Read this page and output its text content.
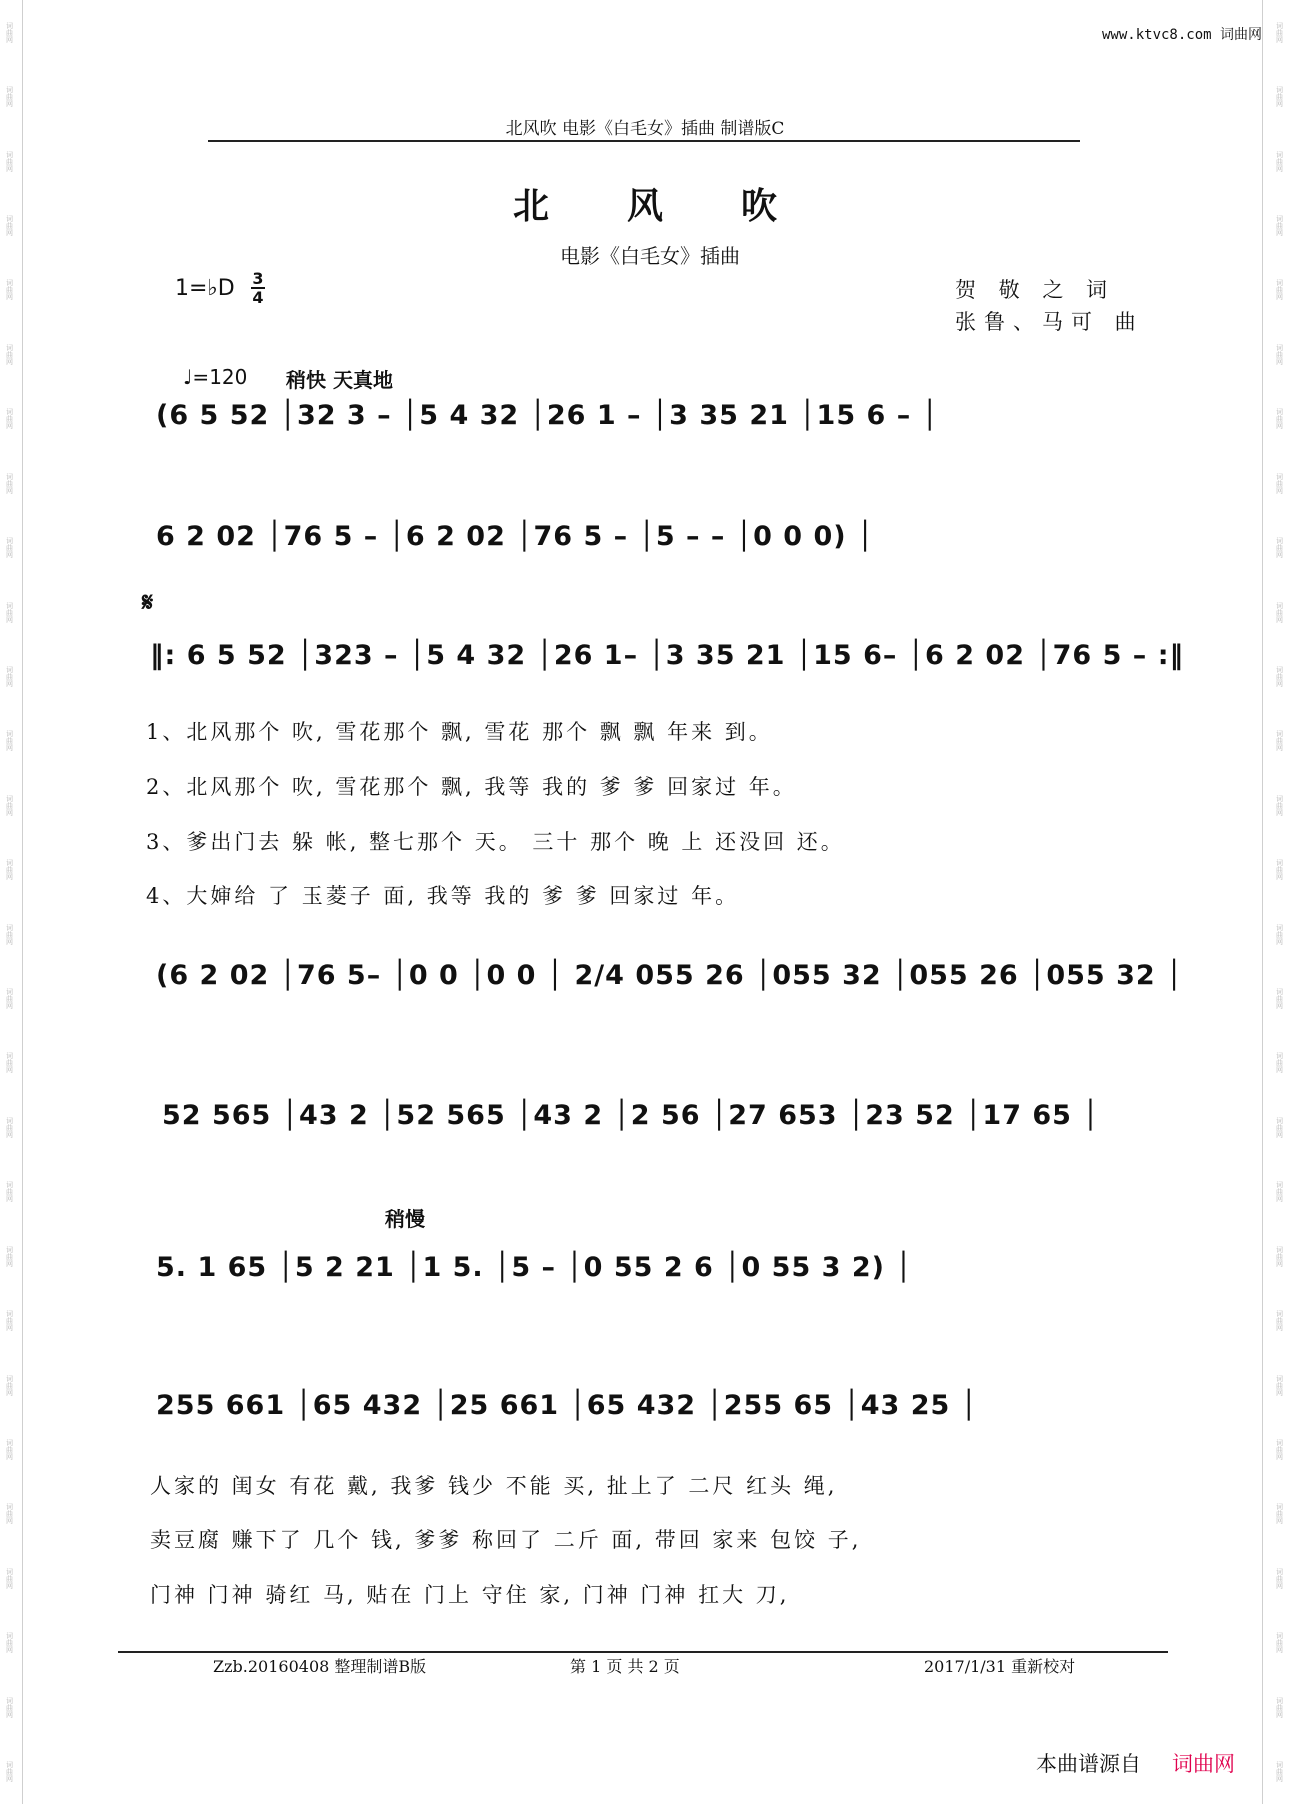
词曲网
词曲网
词曲网
词曲网
词曲网
词曲网
词曲网
词曲网
词曲网
词曲网
词曲网
词曲网
词曲网
词曲网
词曲网
词曲网
词曲网
词曲网
词曲网
词曲网
词曲网
词曲网
词曲网
词曲网
词曲网
词曲网
词曲网
词曲网
词曲网
词曲网
词曲网
词曲网
词曲网
词曲网
词曲网
词曲网
词曲网
词曲网
词曲网
词曲网
词曲网
词曲网
词曲网
词曲网
词曲网
词曲网
词曲网
词曲网
词曲网
词曲网
词曲网
词曲网
词曲网
词曲网
词曲网
词曲网
www.ktvc8.com 词曲网
北风吹 电影《白毛女》插曲 制谱版C
北风吹
电影《白毛女》插曲
1=♭D 3
4	贺 敬 之 词
张鲁、马可 曲
♩=120 稍快 天真地
(6 5 52 │32 3 – │5 4 32 │26 1 – │3 35 21 │15 6 – │
6 2 02 │76 5 – │6 2 02 │76 5 – │5 – – │0 0 0) │
𝄋
‖: 6 5 52 │323 – │5 4 32 │26 1– │3 35 21 │15 6– │6 2 02 │76 5 – :‖
1、北风那个 吹, 雪花那个 飘, 雪花 那个 飘 飘 年来 到。
2、北风那个 吹, 雪花那个 飘, 我等 我的 爹 爹 回家过 年。
3、爹出门去 躲 帐, 整七那个 天。 三十 那个 晚 上 还没回 还。
4、大婶给 了 玉菱子 面, 我等 我的 爹 爹 回家过 年。
(6 2 02 │76 5– │0 0 │0 0 │ 2/4 055 26 │055 32 │055 26 │055 32 │
52 565 │43 2 │52 565 │43 2 │2 56 │27 653 │23 52 │17 65 │
稍慢
5. 1 65 │5 2 21 │1 5. │5 – │0 55 2 6 │0 55 3 2) │
255 661 │65 432 │25 661 │65 432 │255 65 │43 25 │
人家的 闺女 有花 戴, 我爹 钱少 不能 买, 扯上了 二尺 红头 绳,
卖豆腐 赚下了 几个 钱, 爹爹 称回了 二斤 面, 带回 家来 包饺 子,
门神 门神 骑红 马, 贴在 门上 守住 家, 门神 门神 扛大 刀,
Zzb.20160408 整理制谱B版	第 1 页 共 2 页	2017/1/31 重新校对
本曲谱源自 词曲网
